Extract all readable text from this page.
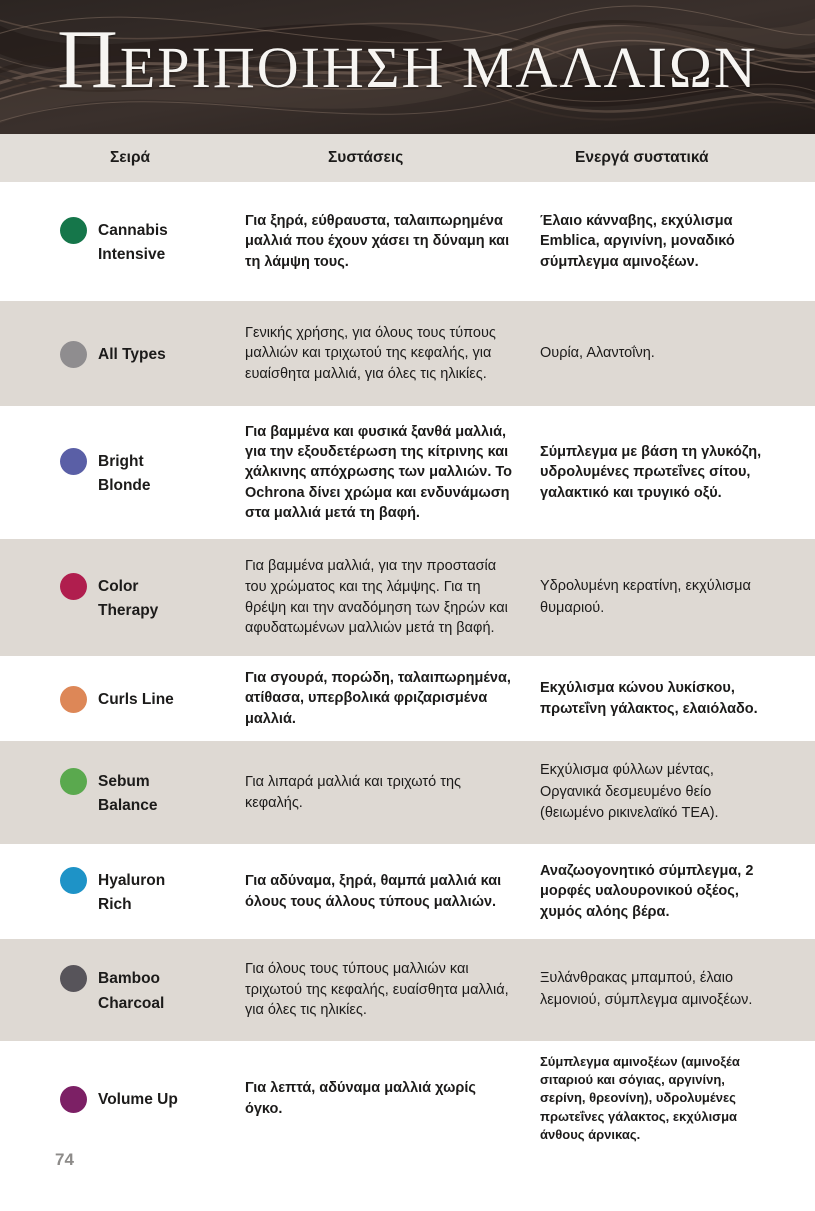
ΠΕΡΙΠΟΙΗΣΗ ΜΑΛΛΙΩΝ
Σειρά	Συστάσεις	Ενεργά συστατικά
Cannabis Intensive
Για ξηρά, εύθραυστα, ταλαιπωρημένα μαλλιά που έχουν χάσει τη δύναμη και τη λάμψη τους.
Έλαιο κάνναβης, εκχύλισμα Emblica, αργινίνη, μοναδικό σύμπλεγμα αμινοξέων.
All Types
Γενικής χρήσης, για όλους τους τύπους μαλλιών και τριχωτού της κεφαλής, για ευαίσθητα μαλλιά, για όλες τις ηλικίες.
Ουρία, Αλαντοΐνη.
Bright Blonde
Για βαμμένα και φυσικά ξανθά μαλλιά, για την εξουδετέρωση της κίτρινης και χάλκινης απόχρωσης των μαλλιών. Το Ochrona δίνει χρώμα και ενδυνάμωση στα μαλλιά μετά τη βαφή.
Σύμπλεγμα με βάση τη γλυκόζη, υδρολυμένες πρωτεΐνες σίτου, γαλακτικό και τρυγικό οξύ.
Color Therapy
Για βαμμένα μαλλιά, για την προστασία του χρώματος και της λάμψης. Για τη θρέψη και την αναδόμηση των ξηρών και αφυδατωμένων μαλλιών μετά τη βαφή.
Υδρολυμένη κερατίνη, εκχύλισμα θυμαριού.
Curls Line
Για σγουρά, πορώδη, ταλαιπωρημένα, ατίθασα, υπερβολικά φριζαρισμένα μαλλιά.
Εκχύλισμα κώνου λυκίσκου, πρωτεΐνη γάλακτος, ελαιόλαδο.
Sebum Balance
Για λιπαρά μαλλιά και τριχωτό της κεφαλής.
Εκχύλισμα φύλλων μέντας, Οργανικά δεσμευμένο θείο (θειωμένο ρικινελαϊκό TEA).
Hyaluron Rich
Για αδύναμα, ξηρά, θαμπά μαλλιά και όλους τους άλλους τύπους μαλλιών.
Αναζωογονητικό σύμπλεγμα, 2 μορφές υαλουρονικού οξέος, χυμός αλόης βέρα.
Bamboo Charcoal
Για όλους τους τύπους μαλλιών και τριχωτού της κεφαλής, ευαίσθητα μαλλιά, για όλες τις ηλικίες.
Ξυλάνθρακας μπαμπού, έλαιο λεμονιού, σύμπλεγμα αμινοξέων.
Volume Up
Για λεπτά, αδύναμα μαλλιά χωρίς όγκο.
Σύμπλεγμα αμινοξέων (αμινοξέα σιταριού και σόγιας, αργινίνη, σερίνη, θρεονίνη), υδρολυμένες πρωτεΐνες γάλακτος, εκχύλισμα άνθους άρνικας.
74
